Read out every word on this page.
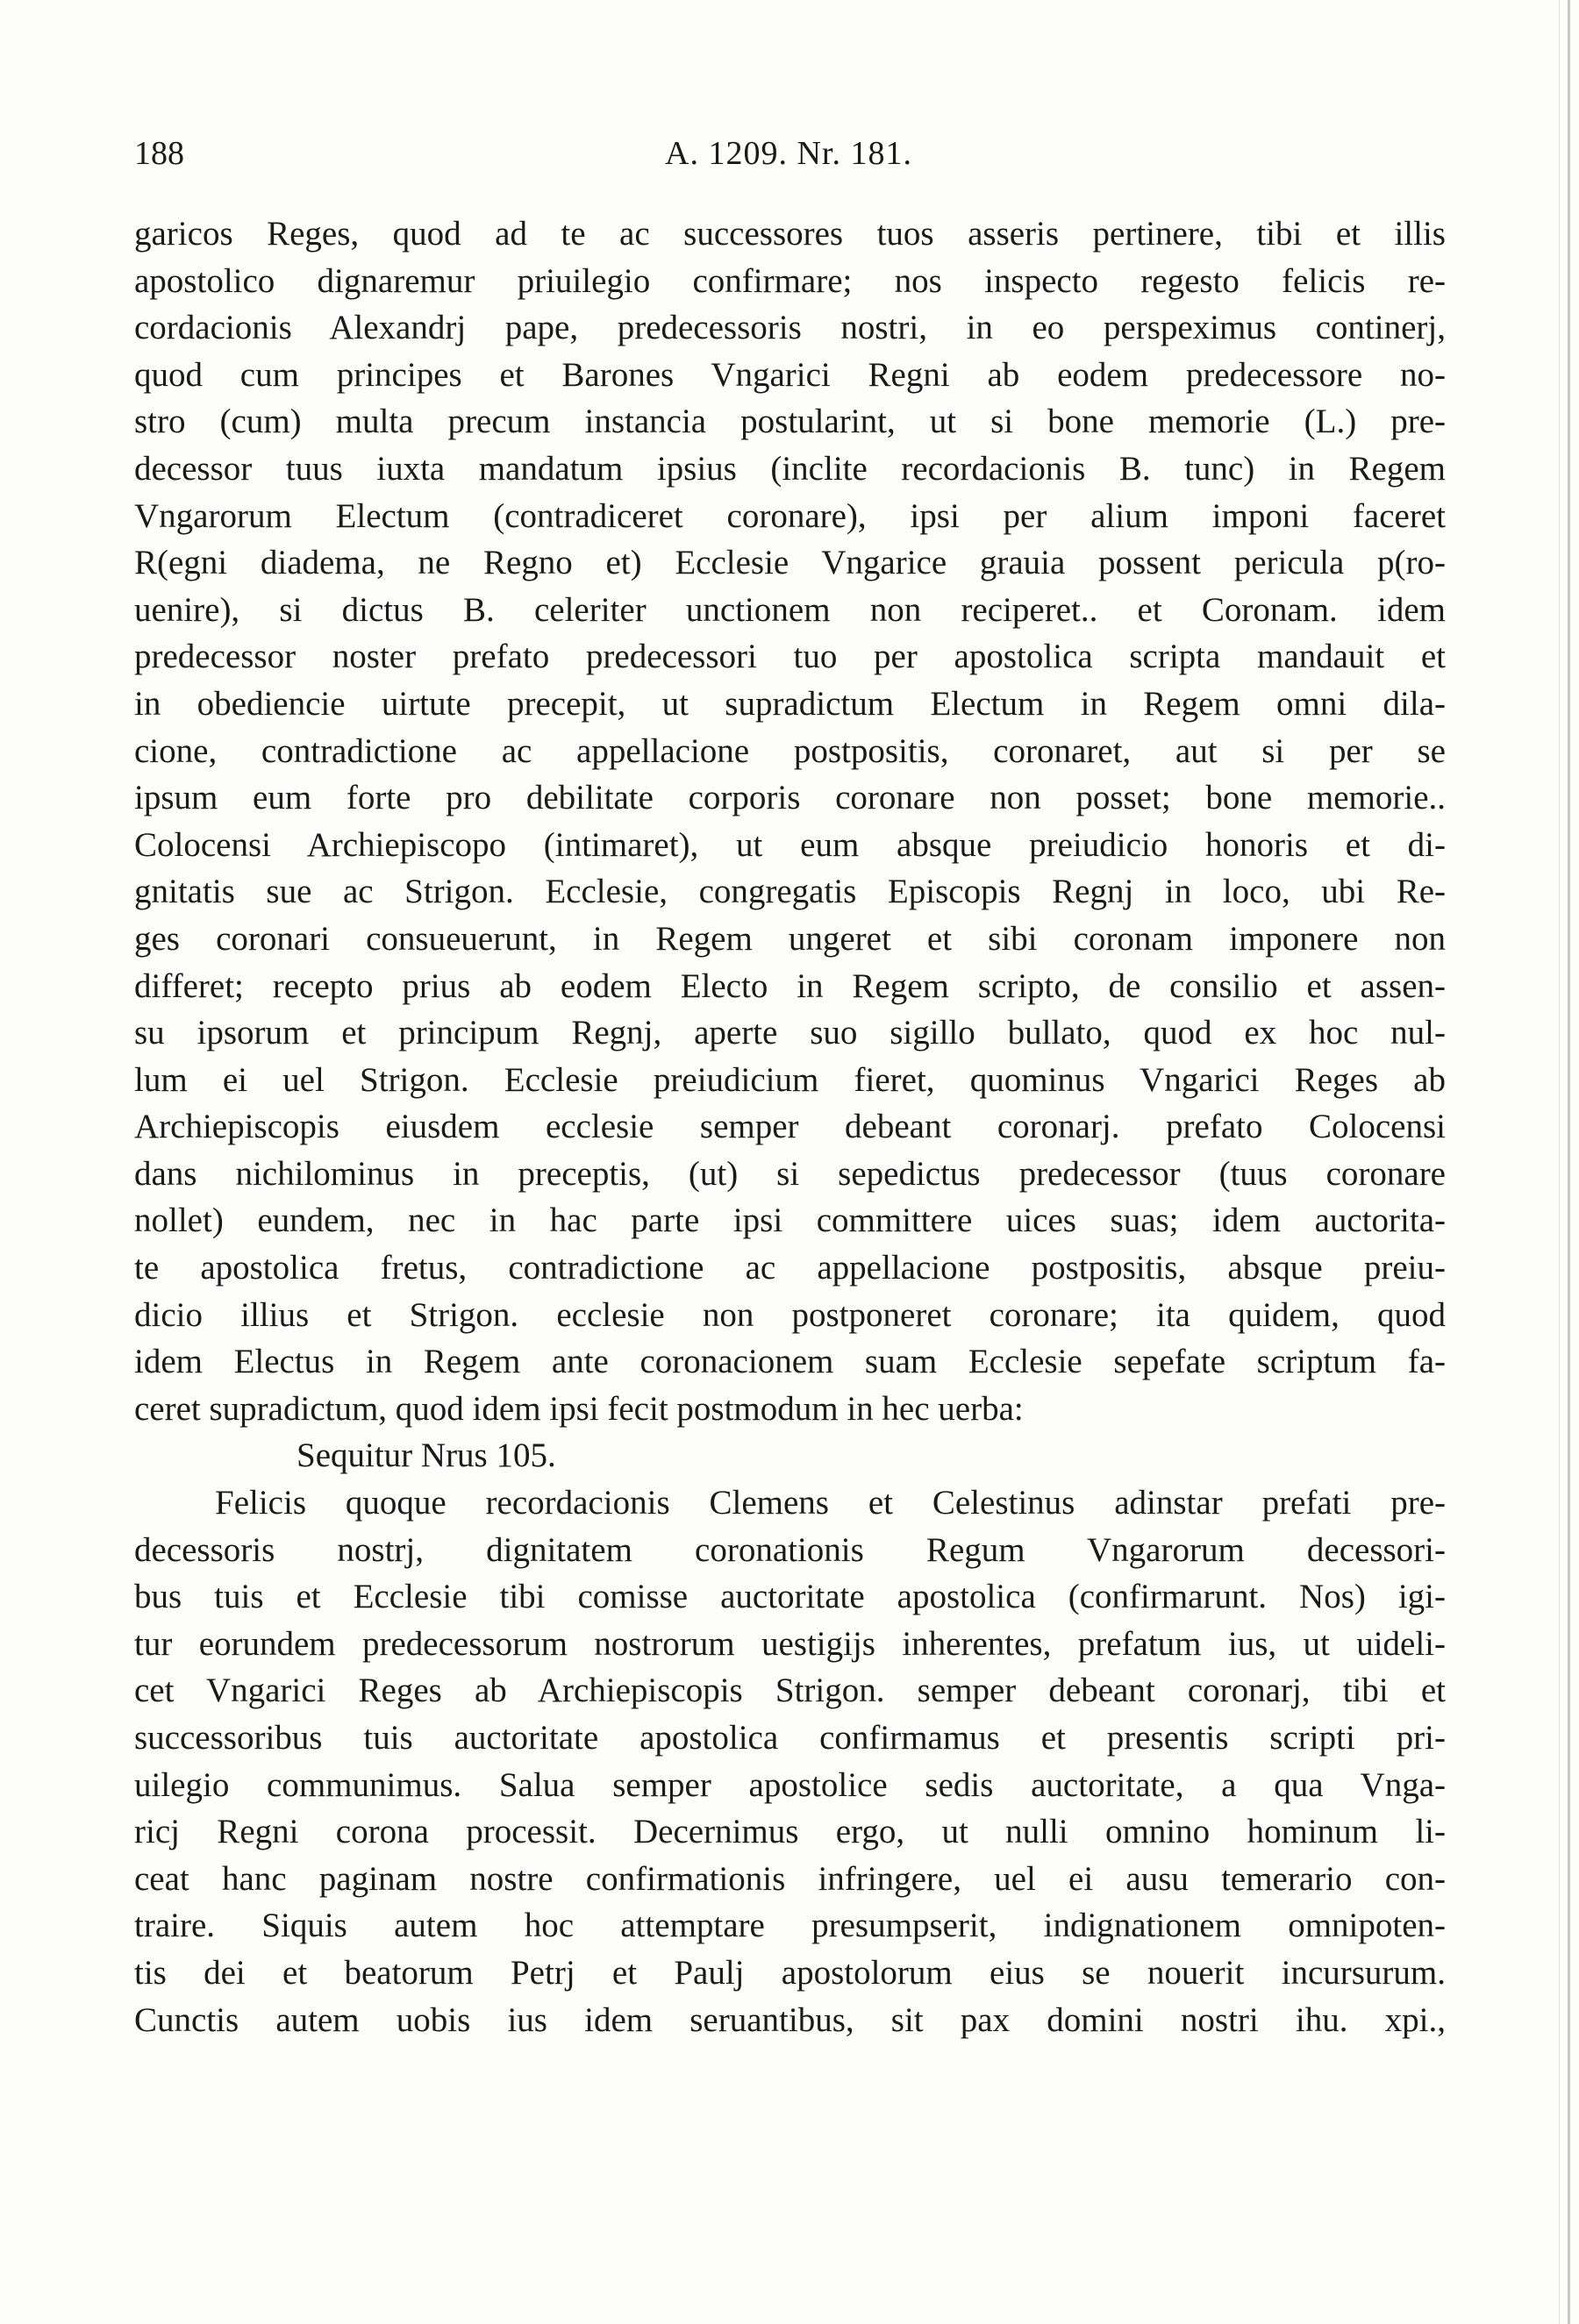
188	A. 1209. Nr. 181.
garicos Reges, quod ad te ac successores tuos asseris pertinere, tibi et illis
apostolico dignaremur priuilegio confirmare; nos inspecto regesto felicis re-
cordacionis Alexandrj pape, predecessoris nostri, in eo perspeximus continerj,
quod cum principes et Barones Vngarici Regni ab eodem predecessore no-
stro (cum) multa precum instancia postularint, ut si bone memorie (L.) pre-
decessor tuus iuxta mandatum ipsius (inclite recordacionis B. tunc) in Regem
Vngarorum Electum (contradiceret coronare), ipsi per alium imponi faceret
R(egni diadema, ne Regno et) Ecclesie Vngarice grauia possent pericula p(ro-
uenire), si dictus B. celeriter unctionem non reciperet.. et Coronam. idem
predecessor noster prefato predecessori tuo per apostolica scripta mandauit et
in obediencie uirtute precepit, ut supradictum Electum in Regem omni dila-
cione, contradictione ac appellacione postpositis, coronaret, aut si per se
ipsum eum forte pro debilitate corporis coronare non posset; bone memorie..
Colocensi Archiepiscopo (intimaret), ut eum absque preiudicio honoris et di-
gnitatis sue ac Strigon. Ecclesie, congregatis Episcopis Regnj in loco, ubi Re-
ges coronari consueuerunt, in Regem ungeret et sibi coronam imponere non
differet; recepto prius ab eodem Electo in Regem scripto, de consilio et assen-
su ipsorum et principum Regnj, aperte suo sigillo bullato, quod ex hoc nul-
lum ei uel Strigon. Ecclesie preiudicium fieret, quominus Vngarici Reges ab
Archiepiscopis eiusdem ecclesie semper debeant coronarj. prefato Colocensi
dans nichilominus in preceptis, (ut) si sepedictus predecessor (tuus coronare
nollet) eundem, nec in hac parte ipsi committere uices suas; idem auctorita-
te apostolica fretus, contradictione ac appellacione postpositis, absque preiu-
dicio illius et Strigon. ecclesie non postponeret coronare; ita quidem, quod
idem Electus in Regem ante coronacionem suam Ecclesie sepefate scriptum fa-
ceret supradictum, quod idem ipsi fecit postmodum in hec uerba:
Sequitur Nrus 105.
Felicis quoque recordacionis Clemens et Celestinus adinstar prefati pre-
decessoris nostrj, dignitatem coronationis Regum Vngarorum decessori-
bus tuis et Ecclesie tibi comisse auctoritate apostolica (confirmarunt. Nos) igi-
tur eorundem predecessorum nostrorum uestigijs inherentes, prefatum ius, ut uideli-
cet Vngarici Reges ab Archiepiscopis Strigon. semper debeant coronarj, tibi et
successoribus tuis auctoritate apostolica confirmamus et presentis scripti pri-
uilegio communimus. Salua semper apostolice sedis auctoritate, a qua Vnga-
ricj Regni corona processit. Decernimus ergo, ut nulli omnino hominum li-
ceat hanc paginam nostre confirmationis infringere, uel ei ausu temerario con-
traire. Siquis autem hoc attemptare presumpserit, indignationem omnipoten-
tis dei et beatorum Petrj et Paulj apostolorum eius se nouerit incursurum.
Cunctis autem uobis ius idem seruantibus, sit pax domini nostri ihu. xpi.,
